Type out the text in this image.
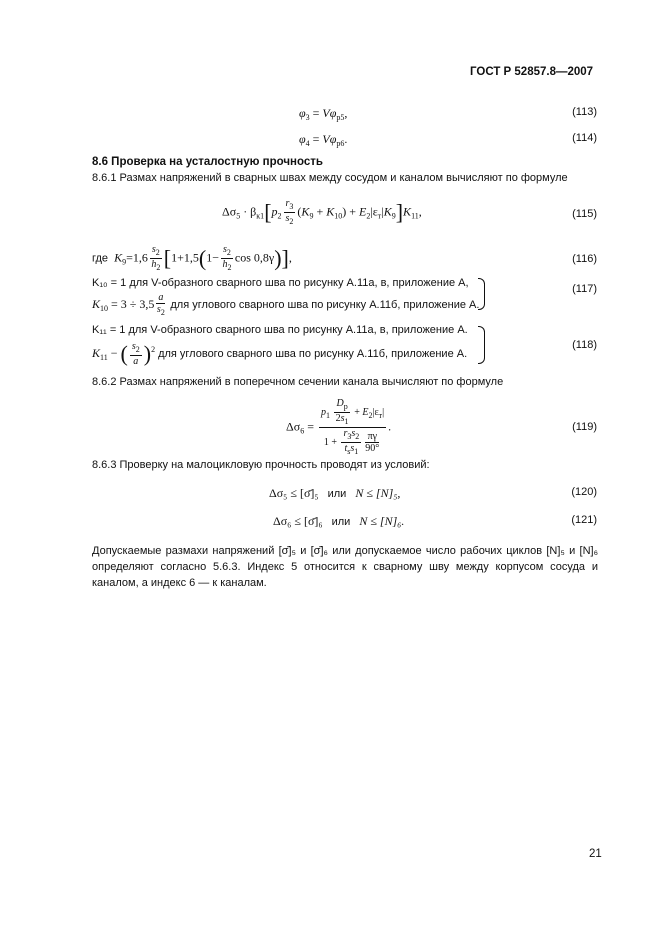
ГОСТ Р 52857.8—2007
$\varphi_3 = V\varphi_{р5}$,	(113)
$\varphi_4 = V\varphi_{р6}$.	(114)
8.6 Проверка на усталостную прочность
8.6.1 Размах напряжений в сварных швах между сосудом и каналом вычисляют по формуле
$\Delta\sigma_5 \cdot \beta_{к1}[p_2 \frac{r_3}{s_2} (K_9 + K_{10}) + E_2|\varepsilon_т|K_9]K_{11}$,	(115)
где $K_9=1,6 \frac{s_2}{h_2} [1+1,5(1- \frac{s_2}{h_2}$ cos 0,8γ)],	(116)
K₁₀ = 1 для V-образного сварного шва по рисунку А.11а, в, приложение А,
$K_{10} = 3 \div 3,5 \frac{a}{s_2}$ для углового сварного шва по рисунку А.11б, приложение А.
(117)
K₁₁ = 1 для V-образного сварного шва по рисунку А.11а, в, приложение А.
$K_{11}$ − ( $\frac{s_2}{a} )^2$ для углового сварного шва по рисунку А.11б, приложение А.
(118)
8.6.2 Размах напряжений в поперечном сечении канала вычисляют по формуле
$\Delta\sigma_6 = \frac{p_1 \frac{D_p}{2s_1} + E_2|\varepsilon_т|}{1 + \frac{r_3s_2}{t_ss_1} \frac{\pi\gamma}{90^\circ}}$ .	(119)
8.6.3 Проверку на малоцикловую прочность проводят из условий:
Δσ₅ ≤ [σ̄]₅ или N ≤ [N]₅,	(120)
Δσ₆ ≤ [σ̄]₆ или N ≤ [N]₆.	(121)
Допускаемые размахи напряжений [σ̄]₅ и [σ̄]₆ или допускаемое число рабочих циклов [N]₅ и [N]₆ определяют согласно 5.6.3. Индекс 5 относится к сварному шву между корпусом сосуда и каналом, а индекс 6 — к каналам.
21
